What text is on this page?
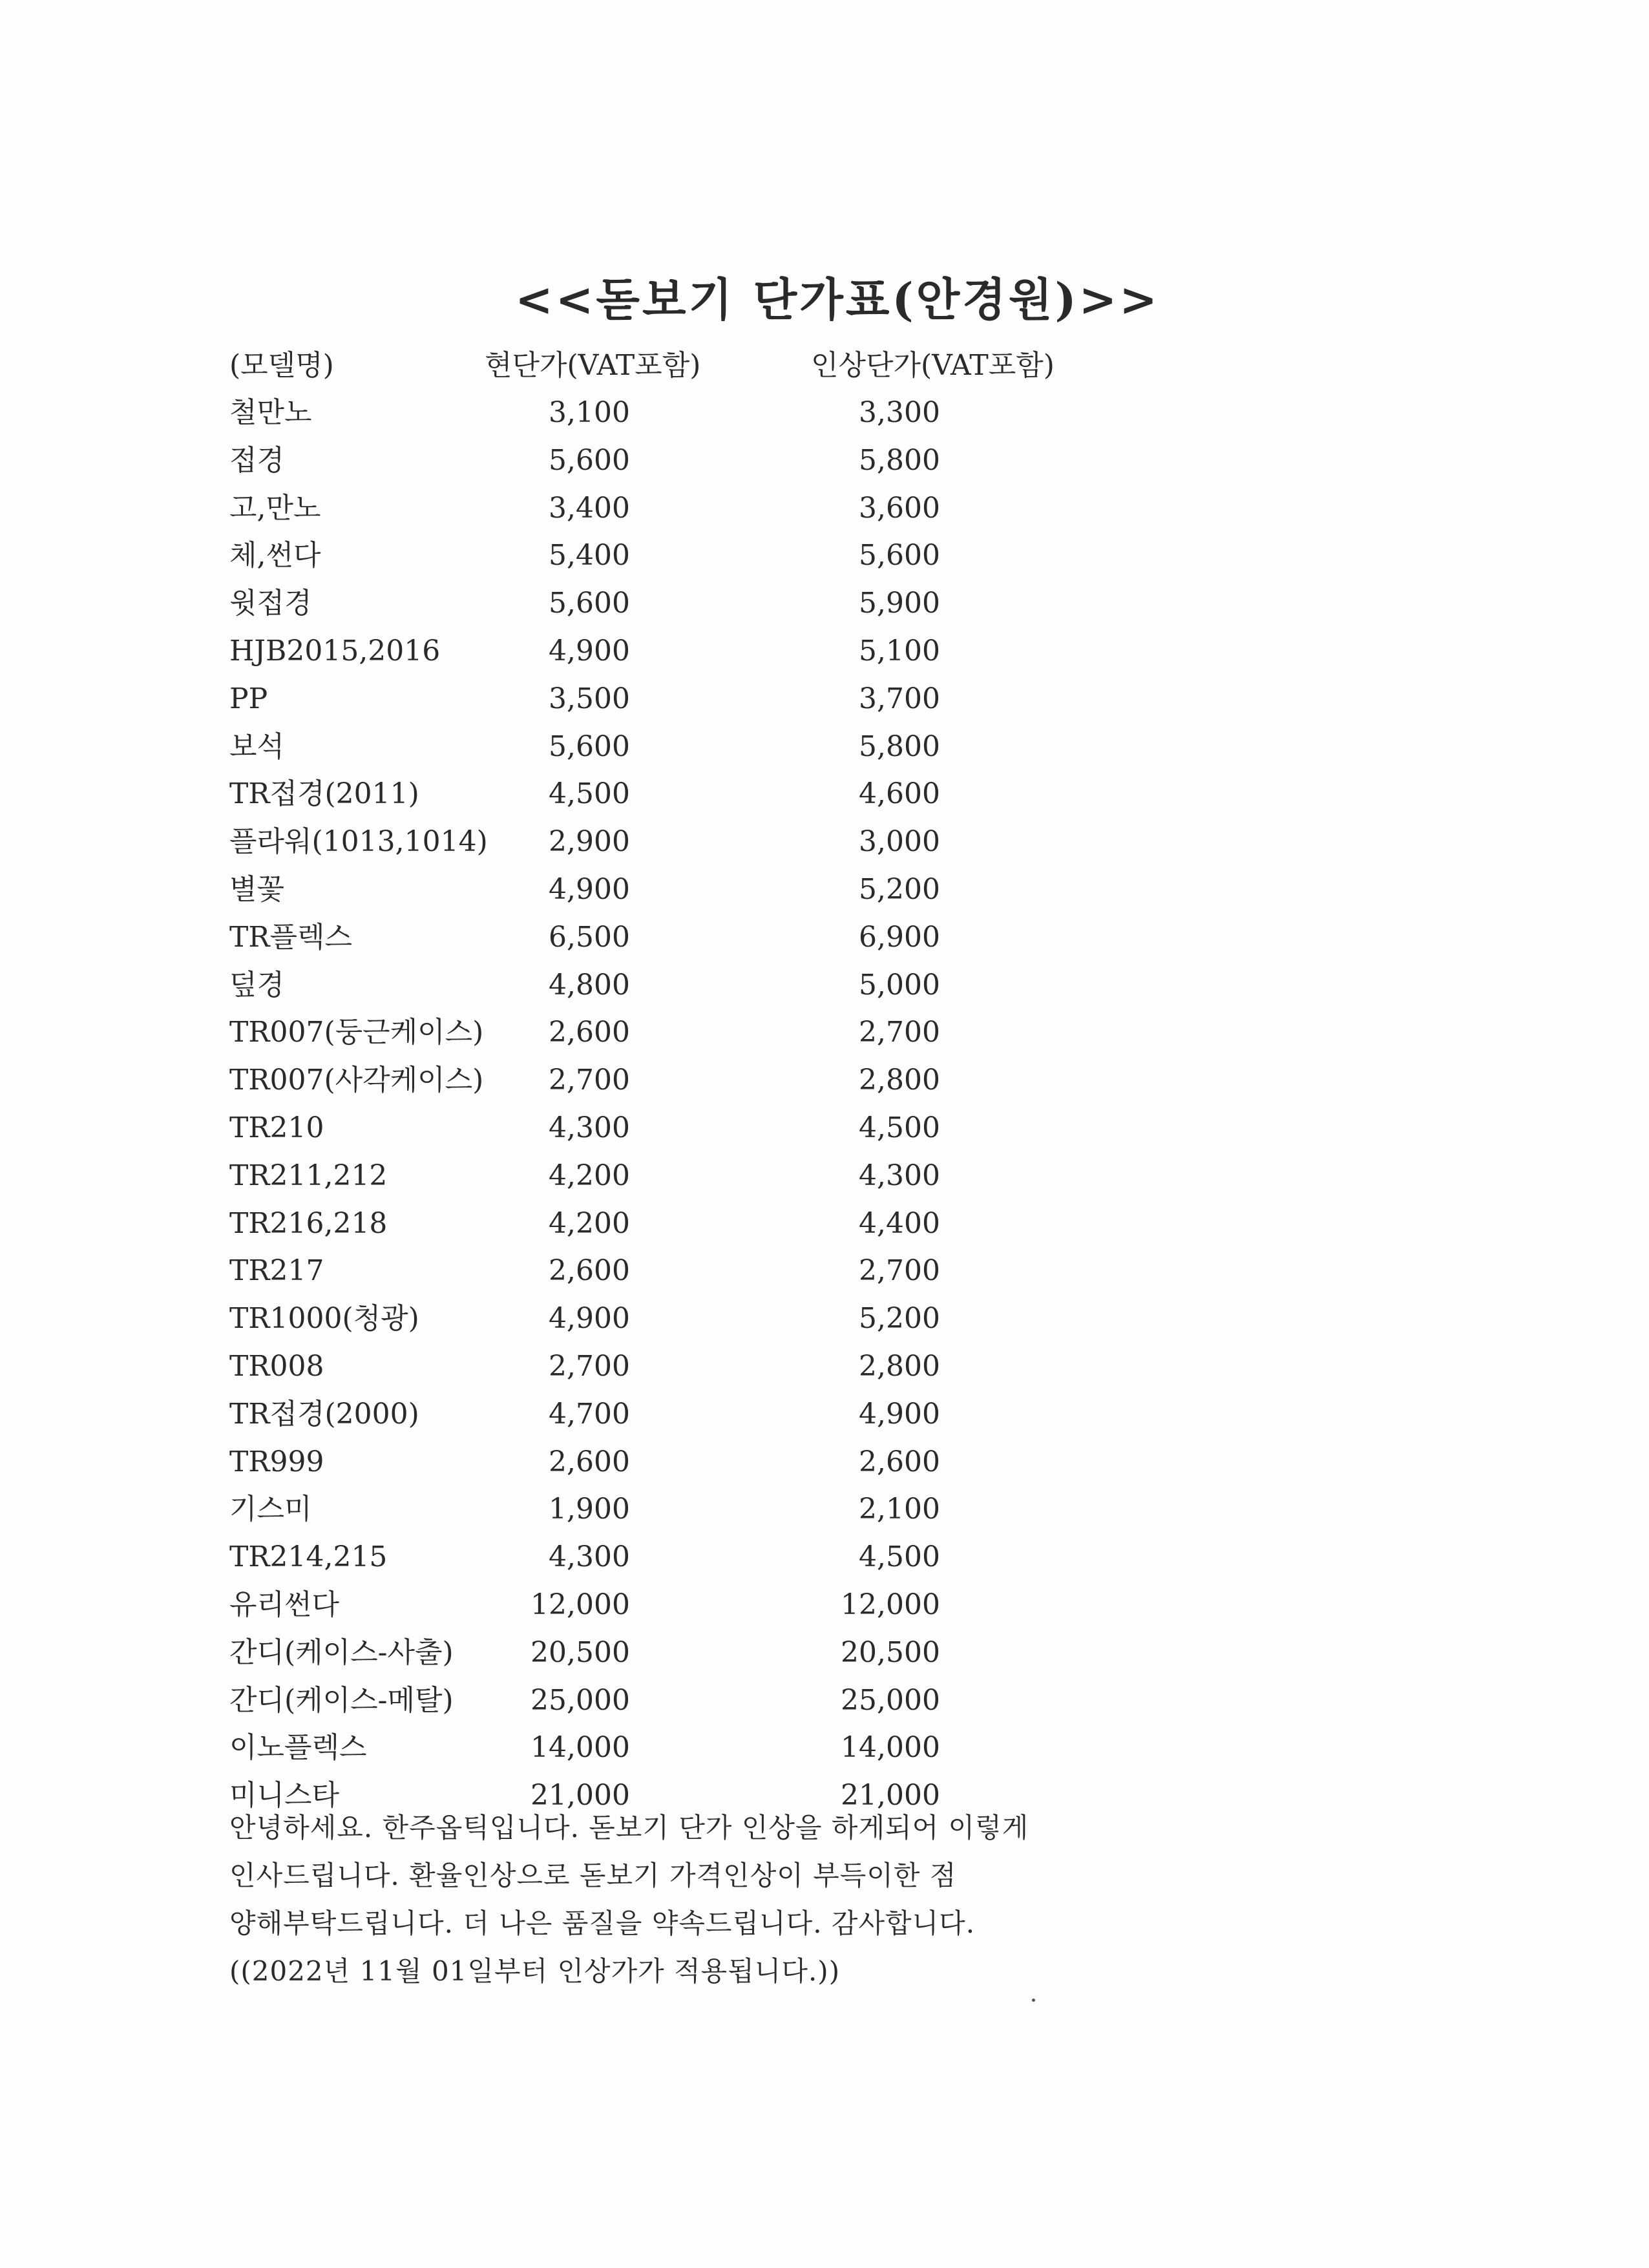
<<돋보기 단가표(안경원)>>
(모델명)	현단가(VAT포함)	인상단가(VAT포함)
철만노	3,100	3,300
접경	5,600	5,800
고,만노	3,400	3,600
체,썬다	5,400	5,600
윗접경	5,600	5,900
HJB2015,2016	4,900	5,100
PP	3,500	3,700
보석	5,600	5,800
TR접경(2011)	4,500	4,600
플라워(1013,1014)	2,900	3,000
별꽃	4,900	5,200
TR플렉스	6,500	6,900
덮경	4,800	5,000
TR007(둥근케이스)	2,600	2,700
TR007(사각케이스)	2,700	2,800
TR210	4,300	4,500
TR211,212	4,200	4,300
TR216,218	4,200	4,400
TR217	2,600	2,700
TR1000(청광)	4,900	5,200
TR008	2,700	2,800
TR접경(2000)	4,700	4,900
TR999	2,600	2,600
기스미	1,900	2,100
TR214,215	4,300	4,500
유리썬다	12,000	12,000
간디(케이스-사출)	20,500	20,500
간디(케이스-메탈)	25,000	25,000
이노플렉스	14,000	14,000
미니스타	21,000	21,000
안녕하세요. 한주옵틱입니다. 돋보기 단가 인상을 하게되어 이렇게
인사드립니다. 환율인상으로 돋보기 가격인상이 부득이한 점
양해부탁드립니다. 더 나은 품질을 약속드립니다. 감사합니다.
((2022년 11월 01일부터 인상가가 적용됩니다.))
